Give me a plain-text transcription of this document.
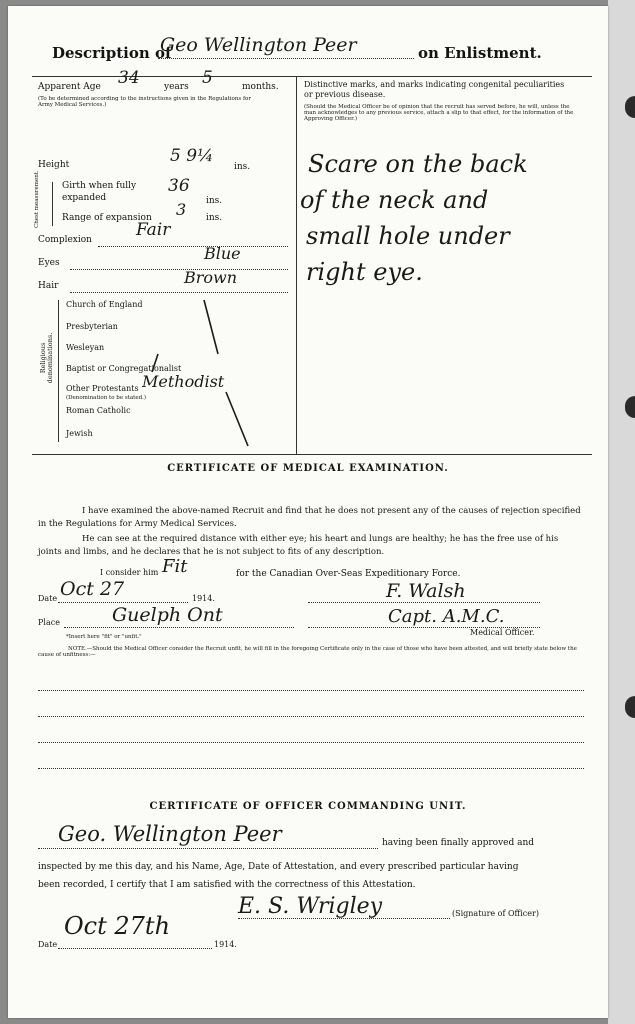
Description of
Geo Wellington Peer	on Enlistment.
Apparent Age 34	years 5	months.
(To be determined according to the instructions given in the Regulations for Army Medical Services.)
Height	5 9¼
ins.
Chest measurement. Girth when fully expanded
36
ins.
Range of expansion 3 ins.
Complexion	Fair
Eyes	Blue
Hair	Brown
Religious denominations.
Church of England
Presbyterian
Wesleyan
Baptist or Congregationalist
Other Protestants
(Denomination to be stated.)
Roman Catholic
Jewish
Methodist
Distinctive marks, and marks indicating congenital peculiarities or previous disease.
(Should the Medical Officer be of opinion that the recruit has served before, he will, unless the man acknowledges to any previous service, attach a slip to that effect, for the information of the Approving Officer.)
Scare on the back
of the neck and
small hole under
right eye.
CERTIFICATE OF MEDICAL EXAMINATION.
I have examined the above-named Recruit and find that he does not present any of the causes of rejection specified in the Regulations for Army Medical Services.
He can see at the required distance with either eye; his heart and lungs are healthy; he has the free use of his joints and limbs, and he declares that he is not subject to fits of any description.
I consider him Fit	for the Canadian Over-Seas Expeditionary Force.
Date Oct 27	1914.	F. Walsh
Place	Guelph Ont	Capt. A.M.C.
Medical Officer.
*Insert here "fit" or "unfit."
NOTE.—Should the Medical Officer consider the Recruit unfit, he will fill in the foregoing Certificate only in the case of those who have been attested, and will briefly state below the cause of unfitness:—
CERTIFICATE OF OFFICER COMMANDING UNIT.
Geo. Wellington Peer	having been finally approved and
inspected by me this day, and his Name, Age, Date of Attestation, and every prescribed particular having
been recorded, I certify that I am satisfied with the correctness of this Attestation.
E. S. Wrigley	(Signature of Officer)
Oct 27th
Date	1914.
